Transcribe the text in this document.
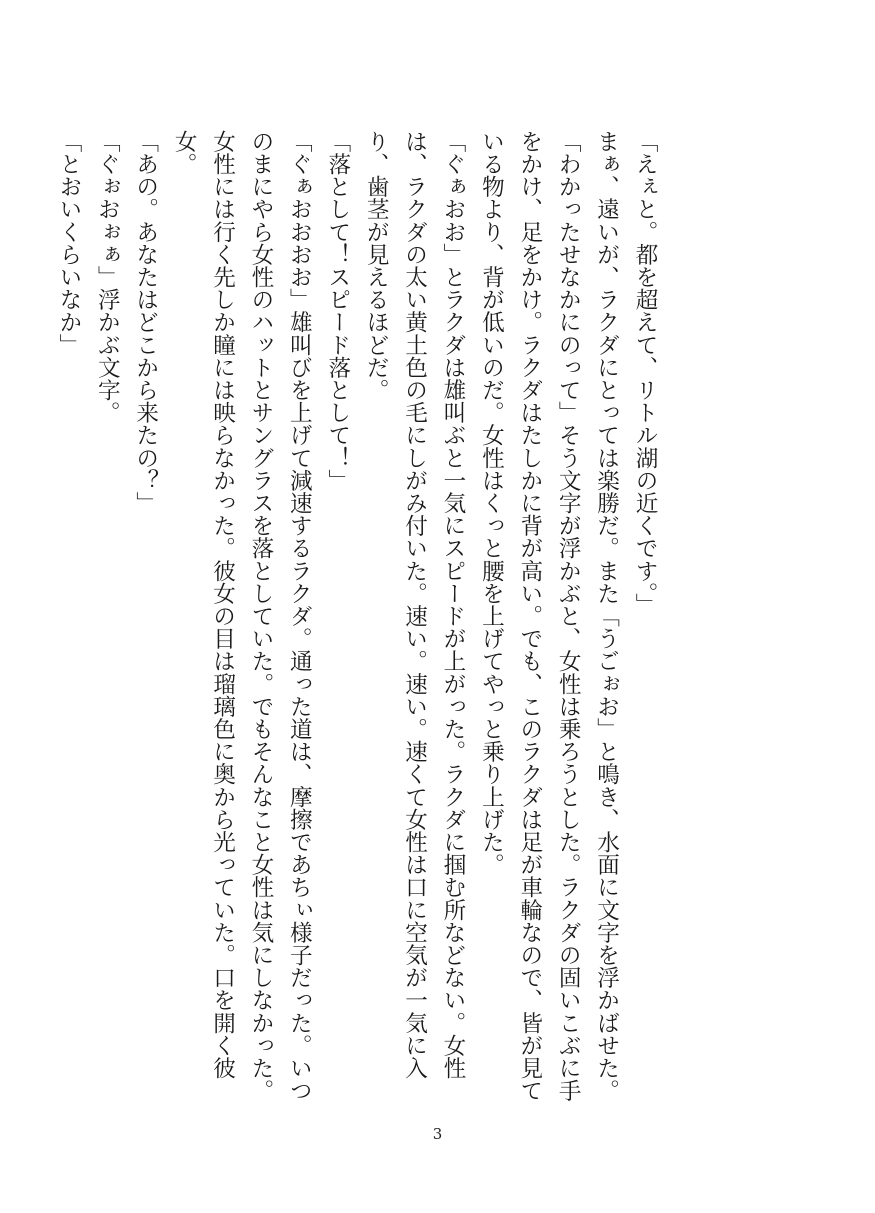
「えぇと。都を超えて、リトル湖の近くです。」

まぁ、遠いが、ラクダにとっては楽勝だ。また「うごぉお」と鳴き、水面に文字を浮かばせた。「わかったせなかにのって」そう文字が浮かぶと、女性は乗ろうとした。ラクダの固いこぶに手をかけ、足をかけ。ラクダはたしかに背が高い。でも、このラクダは足が車輪なので、皆が見ている物より、背が低いのだ。女性はくっと腰を上げてやっと乗り上げた。

「ぐぁおお」とラクダは雄叫ぶと一気にスピードが上がった。ラクダに掴む所などない。女性は、ラクダの太い黄土色の毛にしがみ付いた。速い。速い。速くて女性は口に空気が一気に入り、歯茎が見えるほどだ。

「落として！スピード落として！」

「ぐぁおおおお」雄叫びを上げて減速するラクダ。通った道は、摩擦であちぃ様子だった。いつのまにやら女性のハットとサングラスを落としていた。でもそんなこと女性は気にしなかった。女性には行く先しか瞳には映らなかった。彼女の目は瑠璃色に奥から光っていた。口を開く彼女。

「あの。あなたはどこから来たの？」

「ぐぉおぉぁ」浮かぶ文字。

「とおいくらいなか」

3
